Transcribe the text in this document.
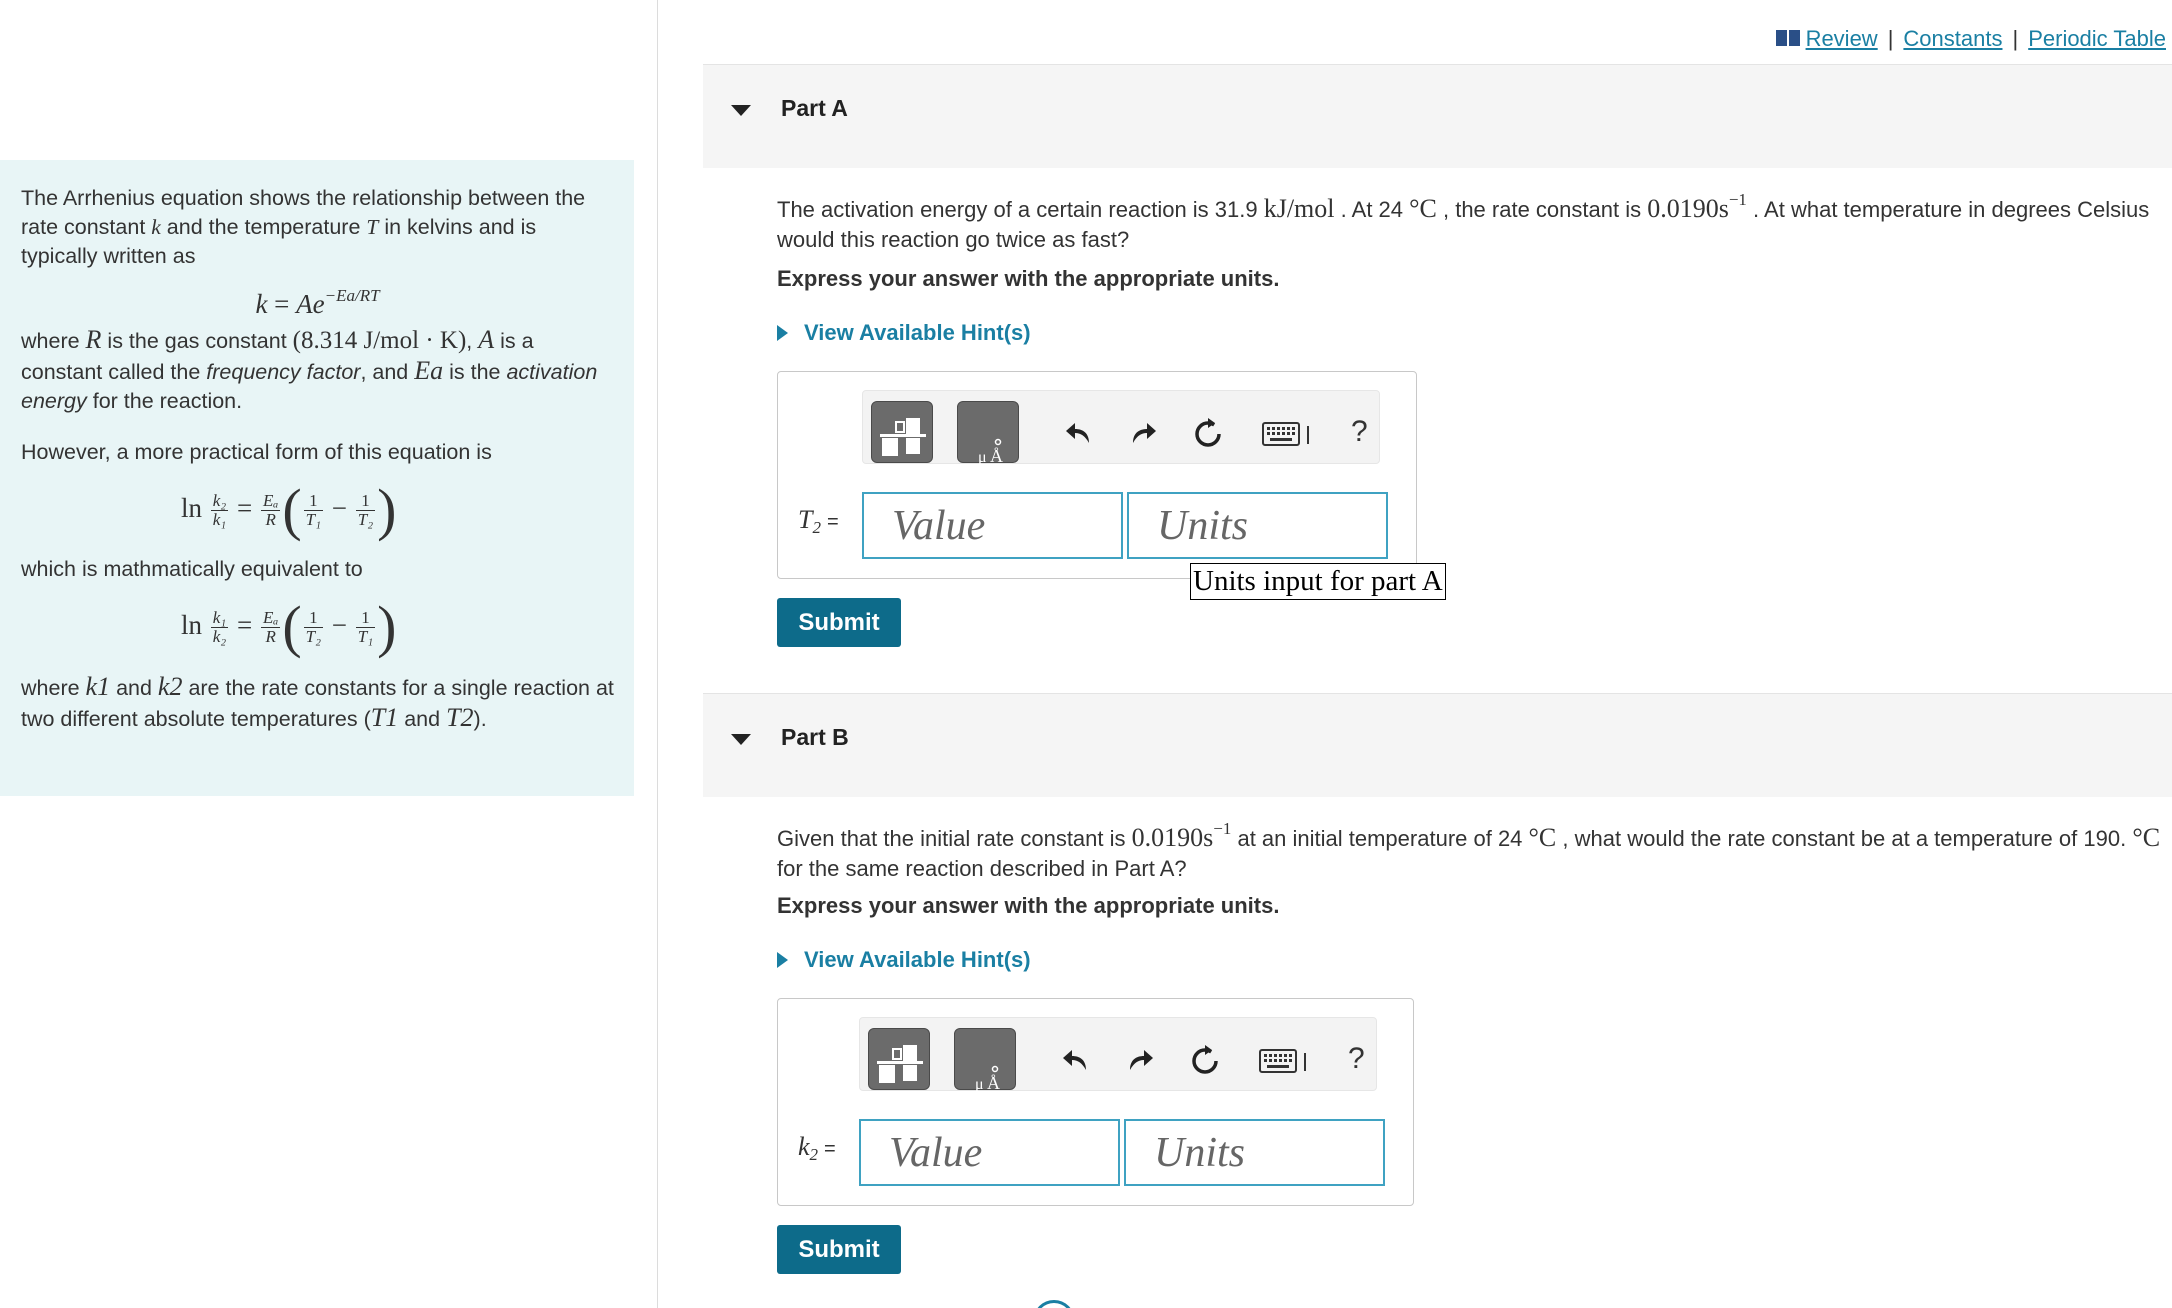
The Arrhenius equation shows the relationship between the rate constant k and the temperature T in kelvins and is typically written as
$k = Ae^{-Ea/RT}$
where R is the gas constant (8.314 J/mol · K), A is a constant called the frequency factor, and Ea is the activation energy for the reaction.
However, a more practical form of this equation is
$\ln \frac{\text{k₂}}{\text{k₁}} = \frac{\text{Eₐ}}{R}$ ( $\frac{1}{\text{T₁}} - \frac{1}{\text{T₂}}$ )
which is mathmatically equivalent to
$\ln \frac{\text{k₁}}{\text{k₂}} = \frac{\text{Eₐ}}{R}$ ( $\frac{1}{\text{T₂}} - \frac{1}{\text{T₁}}$ )
where k1 and k2 are the rate constants for a single reaction at two different absolute temperatures (T1 and T2).
Review | Constants | Periodic Table
Part A
The activation energy of a certain reaction is 31.9 kJ/mol . At 24 °C , the rate constant is $0.0190s^{-1}$ . At what temperature in degrees Celsius would this reaction go twice as fast?
Express your answer with the appropriate units.
View Available Hint(s)
μ Å
?
T2 =
Value
Units
Units input for part A
Submit
Part B
Given that the initial rate constant is $0.0190s^{-1}$ at an initial temperature of 24 °C , what would the rate constant be at a temperature of 190. °C for the same reaction described in Part A?
Express your answer with the appropriate units.
View Available Hint(s)
μ Å
?
k2 =
Value
Units
Submit
